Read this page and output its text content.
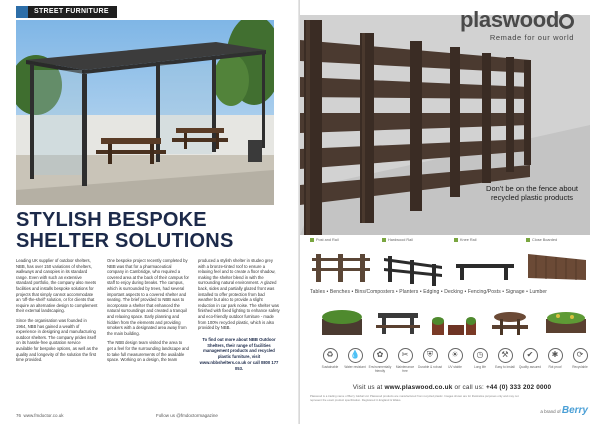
STREET FURNITURE
STYLISH BESPOKE SHELTER SOLUTIONS

Leading UK supplier of outdoor shelters, NBB, has over 150 variations of shelters, walkways and canopies in its standard range. Even with such an extensive standard portfolio, the company also meets facilities and installs bespoke solutions for projects that simply cannot accommodate an 'off-the-shelf' solution, or for clients that require an alternative design to complement their external landscaping.

Since the organisation was founded in 1964, NBB has gained a wealth of experience in designing and manufacturing outdoor shelters. The company prides itself on its hassle-free quotation service available for bespoke options, as well as the quality and longevity of the solution the first time provided.

One bespoke project recently completed by NBB was that for a pharmaceutical company in Cambridge, who required a covered area at the back of their campus for staff to enjoy during breaks. The campus, which is surrounded by trees, had several important aspects to a covered shelter and seating. The brief provided to NBB was to incorporate a shelter that enhanced the natural surroundings and created a tranquil and relaxing space. Early planning and hidden from the elements and providing smokers with a designated area away from the main building.

The NBB design team visited the area to get a feel for the surrounding landscape and to take full measurements of the available space. Working on a design, the team

produced a stylish shelter in studeo grey with a bronze-tinted roof to ensure a relaxing feel and to create a floor shadow, making the shelter blend in with the surrounding natural environment. A glazed back, sides and partially glazed front was installed to offer protection from bad weather but also to provide a slight reduction in car park noise. The shelter was finished with fixed lighting to enhance safety and eco-friendly outdoor furniture - made from 100% recycled plastic, which is also provided by NBB.

To find out more about NBB Outdoor Shelters, their range of facilities management products and recycled plastic furniture, visit www.nbbshelters.co.uk or call 0800 177 053.
76 www.fmdoctor.co.uk	Follow us @fmdoctormagazine
plaswood
Remade for our world
Don't be on the fence about recycled plastic products
Post and Rail	Hardwood Rail	Knee Rail	Close Boarded
Tables • Benches • Bins/Composters • Planters • Edging • Decking • Fencing/Posts • Signage • Lumber
♻
Sustainable
💧
Water resistant
✿
Environmentally friendly
✂
Maintenance free
⛨
Durable & robust
☀
UV stable
◷
Long life
⚒
Easy to install
✔
Quality assured
✱
Rot proof
⟳
Recyclable
Visit us at www.plaswood.co.uk or call us: +44 (0) 333 202 0000
Plaswood is a trading name of Berry Global Ltd. Plaswood products are manufactured from recycled plastic. Images shown are for illustrative purposes only and may not represent the exact product specification. Registered in England & Wales.
a brand of Berry
